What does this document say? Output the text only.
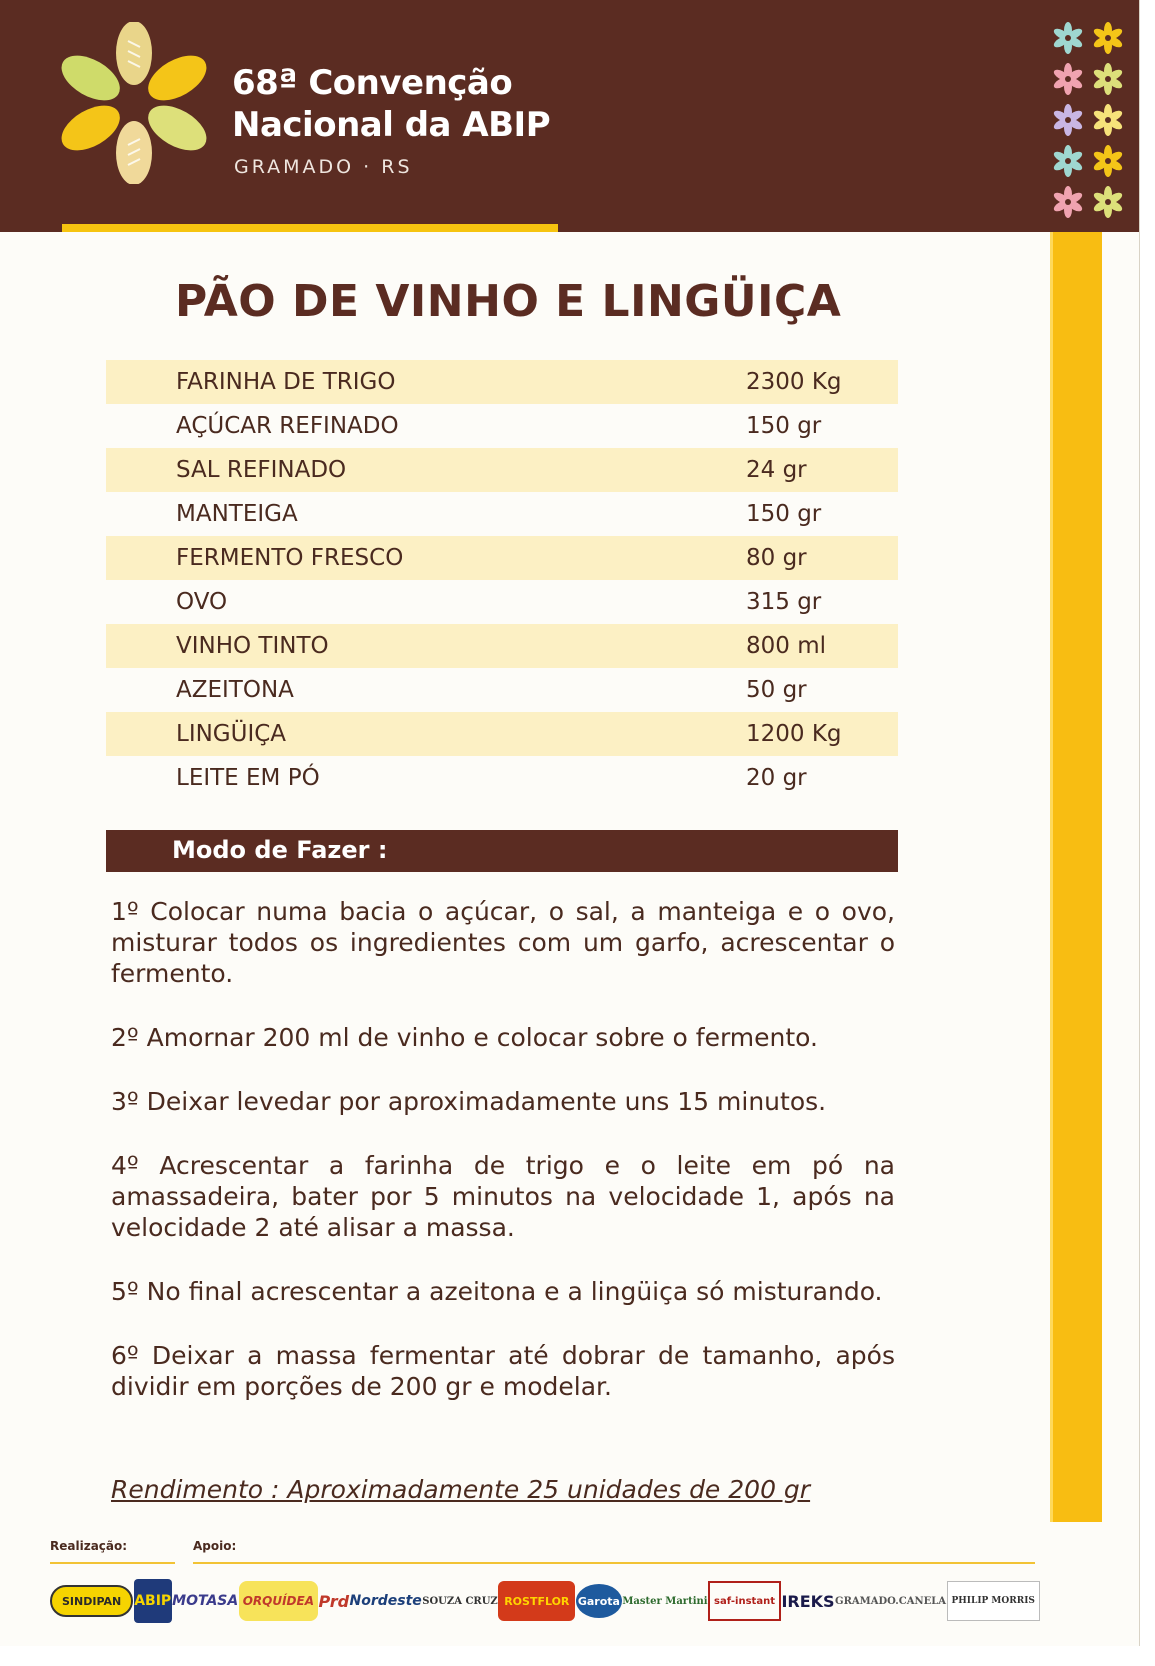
68ª Convenção
Nacional da ABIP
GRAMADO · RS
PÃO DE VINHO E LINGÜIÇA
FARINHA DE TRIGO	2300 Kg
AÇÚCAR REFINADO	150 gr
SAL REFINADO	24 gr
MANTEIGA	150 gr
FERMENTO FRESCO	80 gr
OVO	315 gr
VINHO TINTO	800 ml
AZEITONA	50 gr
LINGÜIÇA	1200 Kg
LEITE EM PÓ	20 gr
Modo de Fazer :

1º Colocar numa bacia o açúcar, o sal, a manteiga e o ovo, misturar todos os ingredientes com um garfo, acrescentar o fermento.

2º Amornar 200 ml de vinho e colocar sobre o fermento.

3º Deixar levedar por aproximadamente uns 15 minutos.

4º Acrescentar a farinha de trigo e o leite em pó na amassadeira, bater por 5 minutos na velocidade 1, após na velocidade 2 até alisar a massa.

5º No final acrescentar a azeitona e a lingüiça só misturando.

6º Deixar a massa fermentar até dobrar de tamanho, após dividir em porções de 200 gr e modelar.

Rendimento : Aproximadamente 25 unidades de 200 gr
Realização:	Apoio:
SINDIPAN ABIP MOTASA ORQUÍDEA Prd Nordeste SOUZA CRUZ ROSTFLOR Garota Master Martini saf-instant IREKS GRAMADO.CANELA PHILIP MORRIS
